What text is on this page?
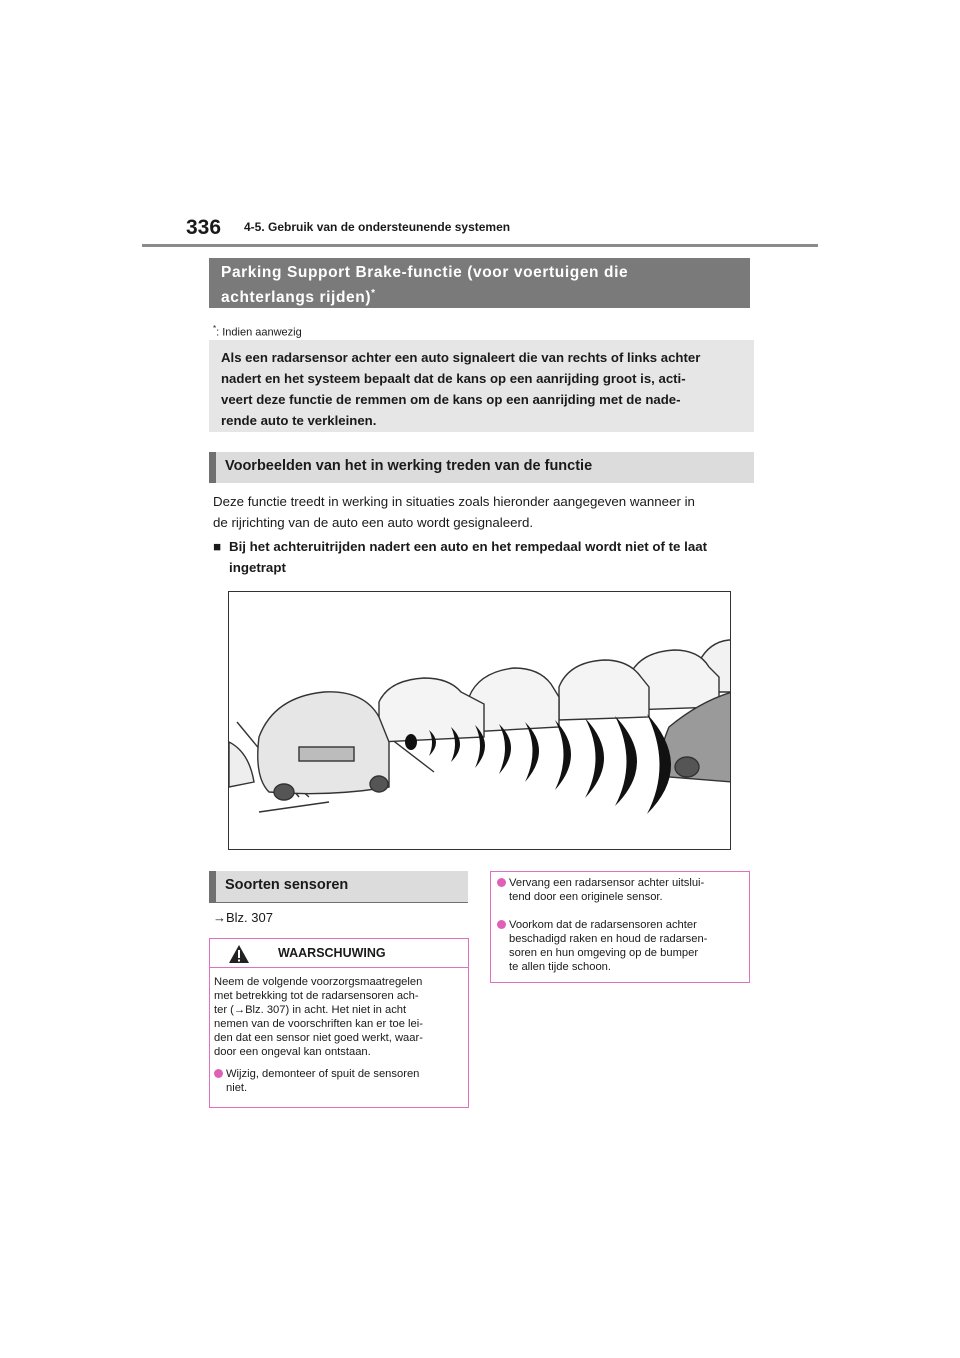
336 4-5. Gebruik van de ondersteunende systemen
Parking Support Brake-functie (voor voertuigen die
achterlangs rijden)*
*: Indien aanwezig
Als een radarsensor achter een auto signaleert die van rechts of links achter
nadert en het systeem bepaalt dat de kans op een aanrijding groot is, acti-
veert deze functie de remmen om de kans op een aanrijding met de nade-
rende auto te verkleinen.
Voorbeelden van het in werking treden van de functie
Deze functie treedt in werking in situaties zoals hieronder aangegeven wanneer in
de rijrichting van de auto een auto wordt gesignaleerd.
■ Bij het achteruitrijden nadert een auto en het rempedaal wordt niet of te laat
ingetrapt
Soorten sensoren
→Blz. 307
WAARSCHUWING
Neem de volgende voorzorgsmaatregelen
met betrekking tot de radarsensoren ach-
ter (→Blz. 307) in acht. Het niet in acht
nemen van de voorschriften kan er toe lei-
den dat een sensor niet goed werkt, waar-
door een ongeval kan ontstaan.
Wijzig, demonteer of spuit de sensoren
niet.
Vervang een radarsensor achter uitslui-
tend door een originele sensor.
Voorkom dat de radarsensoren achter
beschadigd raken en houd de radarsen-
soren en hun omgeving op de bumper
te allen tijde schoon.
